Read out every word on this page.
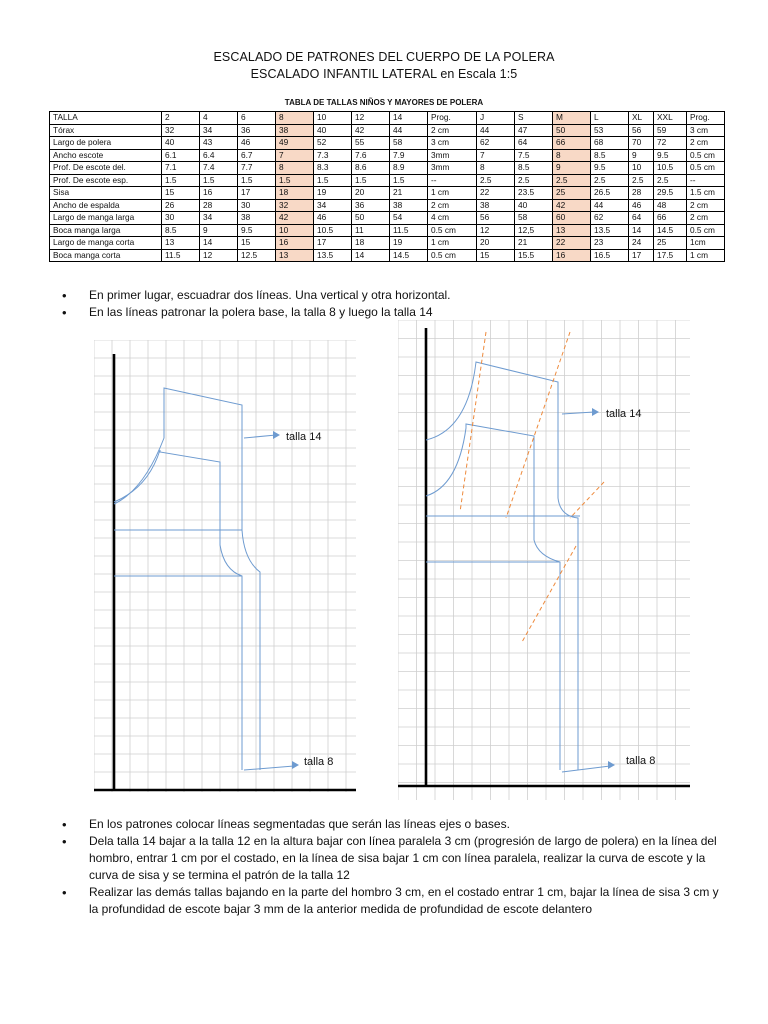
ESCALADO DE PATRONES DEL CUERPO DE LA POLERA
ESCALADO INFANTIL LATERAL en Escala 1:5
TABLA DE TALLAS NIÑOS Y MAYORES DE POLERA
TALLA	2	4	6	8	10	12	14	Prog.	J	S	M	L	XL	XXL	Prog.
Tórax	32	34	36	38	40	42	44	2 cm	44	47	50	53	56	59	3 cm
Largo de polera	40	43	46	49	52	55	58	3 cm	62	64	66	68	70	72	2 cm
Ancho escote	6.1	6.4	6.7	7	7.3	7.6	7.9	3mm	7	7.5	8	8.5	9	9.5	0.5 cm
Prof. De escote del.	7.1	7.4	7.7	8	8.3	8.6	8.9	3mm	8	8.5	9	9.5	10	10.5	0.5 cm
Prof. De escote esp.	1.5	1.5	1.5	1.5	1.5	1.5	1.5	--	2.5	2.5	2.5	2.5	2.5	2.5	--
Sisa	15	16	17	18	19	20	21	1 cm	22	23.5	25	26.5	28	29.5	1.5 cm
Ancho de espalda	26	28	30	32	34	36	38	2 cm	38	40	42	44	46	48	2 cm
Largo de manga larga	30	34	38	42	46	50	54	4 cm	56	58	60	62	64	66	2 cm
Boca manga larga	8.5	9	9.5	10	10.5	11	11.5	0.5 cm	12	12,5	13	13.5	14	14.5	0.5 cm
Largo de manga corta	13	14	15	16	17	18	19	1 cm	20	21	22	23	24	25	1cm
Boca manga corta	11.5	12	12.5	13	13.5	14	14.5	0.5 cm	15	15.5	16	16.5	17	17.5	1 cm
• En primer lugar, escuadrar dos líneas. Una vertical y otra horizontal.
• En las líneas patronar la polera base, la talla 8 y luego la talla 14
talla 14
talla 8
talla 14
talla 8
• En los patrones colocar líneas segmentadas que serán las líneas ejes o bases.
• Dela talla 14 bajar a la talla 12 en la altura bajar con línea paralela 3 cm (progresión de largo de polera) en la línea del hombro, entrar 1 cm por el costado, en la línea de sisa bajar 1 cm con línea paralela, realizar la curva de escote y la curva de sisa y se termina el patrón de la talla 12
• Realizar las demás tallas bajando en la parte del hombro 3 cm, en el costado entrar 1 cm, bajar la línea de sisa 3 cm y la profundidad de escote bajar 3 mm de la anterior medida de profundidad de escote delantero
